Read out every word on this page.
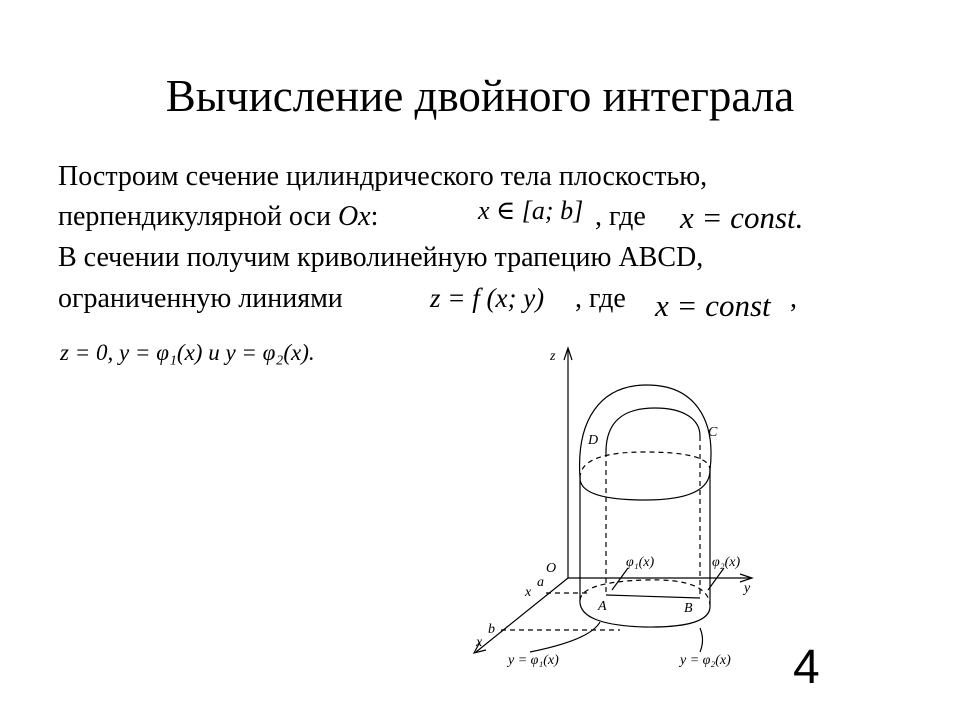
Вычисление двойного интеграла
Построим сечение цилиндрического тела плоскостью,
перпендикулярной оси Ox:	x ∈ [a; b] , где x = const.
В сечении получим криволинейную трапецию ABCD,
ограниченную линиями	z = f (x; y) , где x = const ,
z = 0, y = φ₁(x) и y = φ₂(x).	z
y
x
x
O
a
b
A	B
C
D
φ₁(x)	φ₂(x)
y = φ₁(x)	y = φ₂(x) 4
